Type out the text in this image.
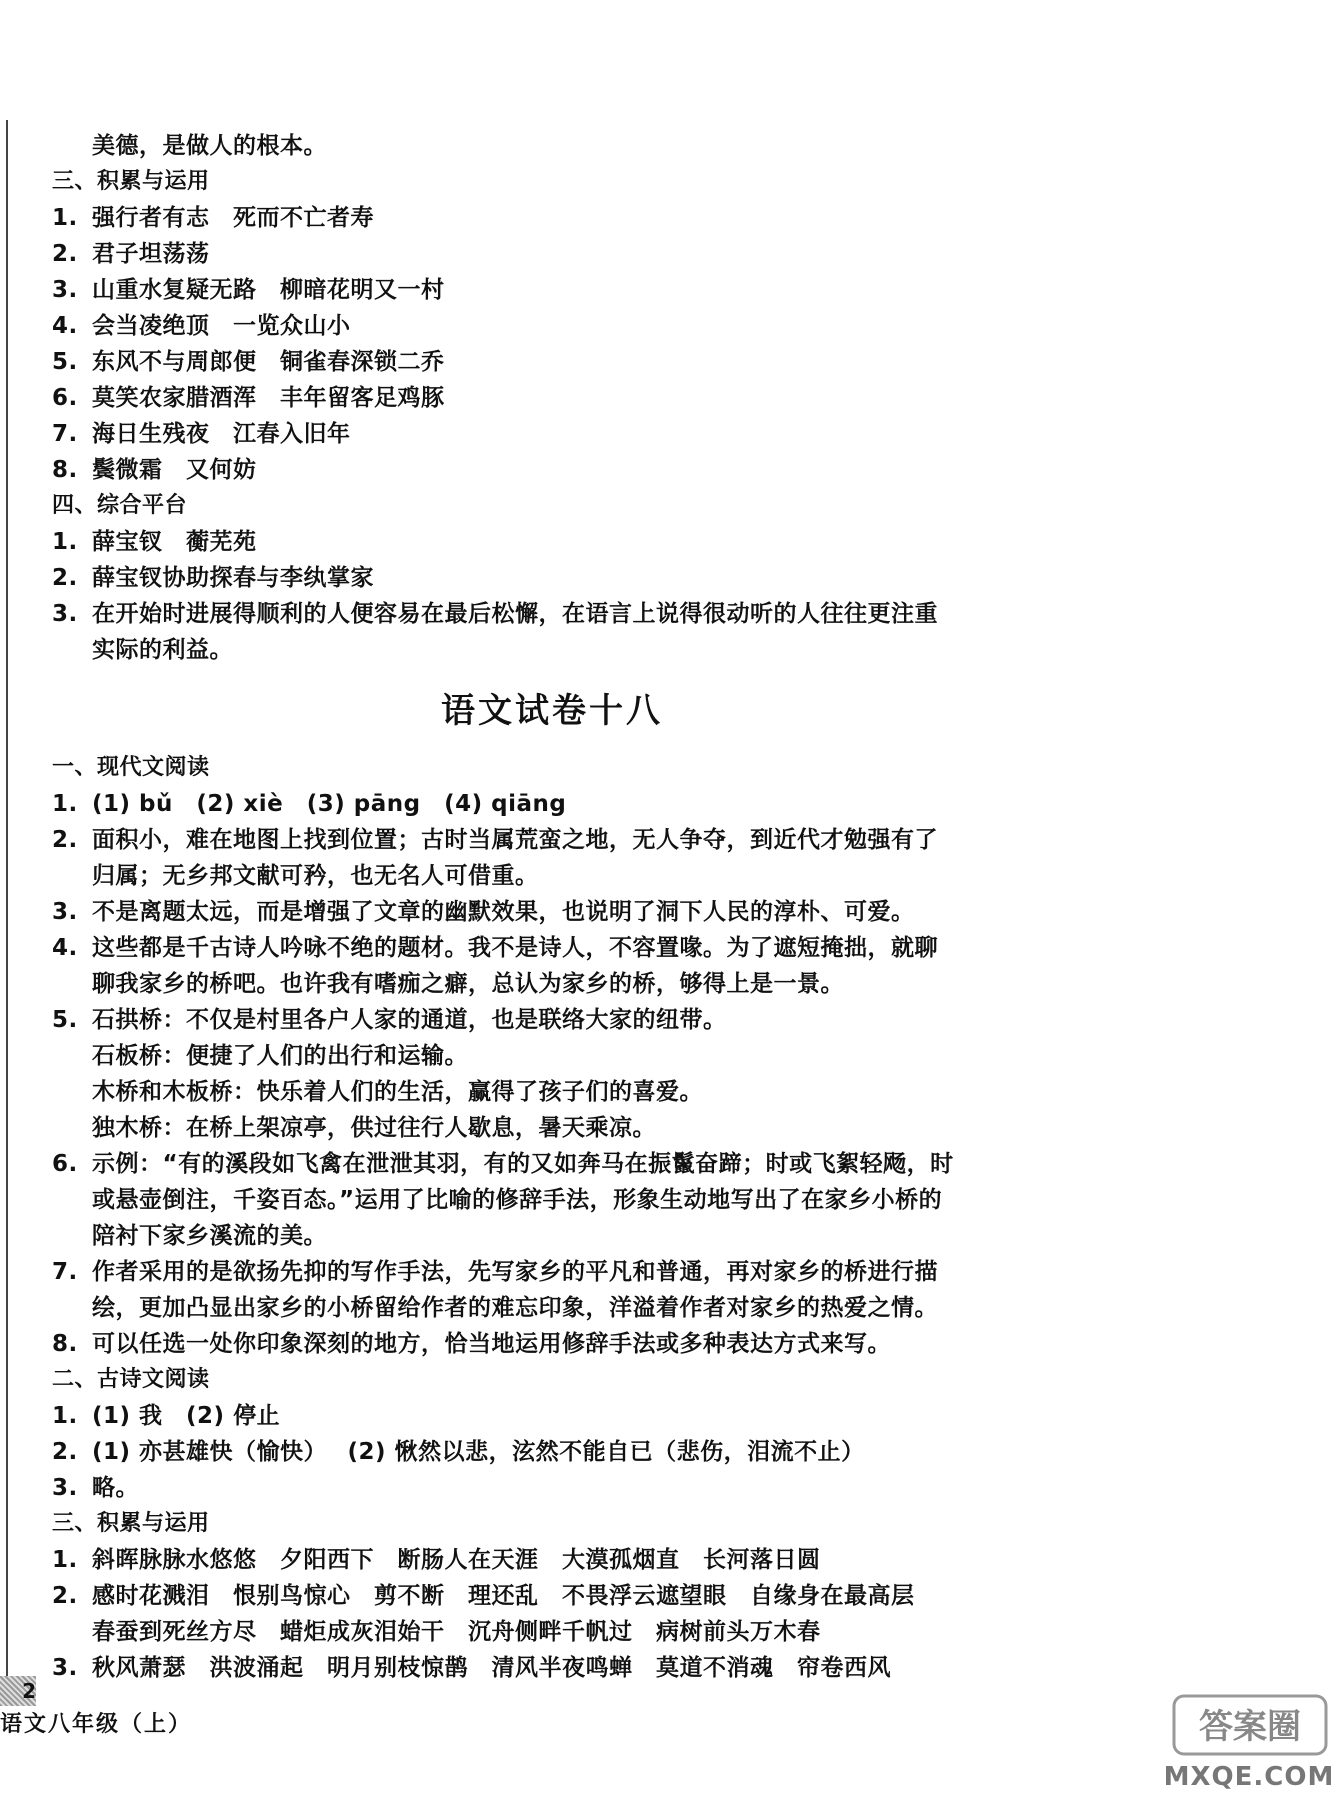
美德，是做人的根本。
三、积累与运用
1. 强行者有志　死而不亡者寿
2. 君子坦荡荡
3. 山重水复疑无路　柳暗花明又一村
4. 会当凌绝顶　一览众山小
5. 东风不与周郎便　铜雀春深锁二乔
6. 莫笑农家腊酒浑　丰年留客足鸡豚
7. 海日生残夜　江春入旧年
8. 鬓微霜　又何妨
四、综合平台
1. 薛宝钗　蘅芜苑
2. 薛宝钗协助探春与李纨掌家
3. 在开始时进展得顺利的人便容易在最后松懈，在语言上说得很动听的人往往更注重
实际的利益。
语文试卷十八
一、现代文阅读
1. (1) bǔ　(2) xiè　(3) pāng　(4) qiāng
2. 面积小，难在地图上找到位置；古时当属荒蛮之地，无人争夺，到近代才勉强有了
归属；无乡邦文献可矜，也无名人可借重。
3. 不是离题太远，而是增强了文章的幽默效果，也说明了洞下人民的淳朴、可爱。
4. 这些都是千古诗人吟咏不绝的题材。我不是诗人，不容置喙。为了遮短掩拙，就聊
聊我家乡的桥吧。也许我有嗜痂之癖，总认为家乡的桥，够得上是一景。
5. 石拱桥：不仅是村里各户人家的通道，也是联络大家的纽带。
石板桥：便捷了人们的出行和运输。
木桥和木板桥：快乐着人们的生活，赢得了孩子们的喜爱。
独木桥：在桥上架凉亭，供过往行人歇息，暑天乘凉。
6. 示例：“有的溪段如飞禽在泄泄其羽，有的又如奔马在振鬣奋蹄；时或飞絮轻飏，时
或悬壶倒注，千姿百态。”运用了比喻的修辞手法，形象生动地写出了在家乡小桥的
陪衬下家乡溪流的美。
7. 作者采用的是欲扬先抑的写作手法，先写家乡的平凡和普通，再对家乡的桥进行描
绘，更加凸显出家乡的小桥留给作者的难忘印象，洋溢着作者对家乡的热爱之情。
8. 可以任选一处你印象深刻的地方，恰当地运用修辞手法或多种表达方式来写。
二、古诗文阅读
1. (1) 我　(2) 停止
2. (1) 亦甚雄快（愉快）　 (2) 愀然以悲，泫然不能自已（悲伤，泪流不止）
3. 略。
三、积累与运用
1. 斜晖脉脉水悠悠　夕阳西下　断肠人在天涯　大漠孤烟直　长河落日圆
2. 感时花溅泪　恨别鸟惊心　剪不断　理还乱　不畏浮云遮望眼　自缘身在最高层
春蚕到死丝方尽　蜡炬成灰泪始干　沉舟侧畔千帆过　病树前头万木春
3. 秋风萧瑟　洪波涌起　明月别枝惊鹊　清风半夜鸣蝉　莫道不消魂　帘卷西风
2
语文八年级（上）	答案圈
MXQE.COM
